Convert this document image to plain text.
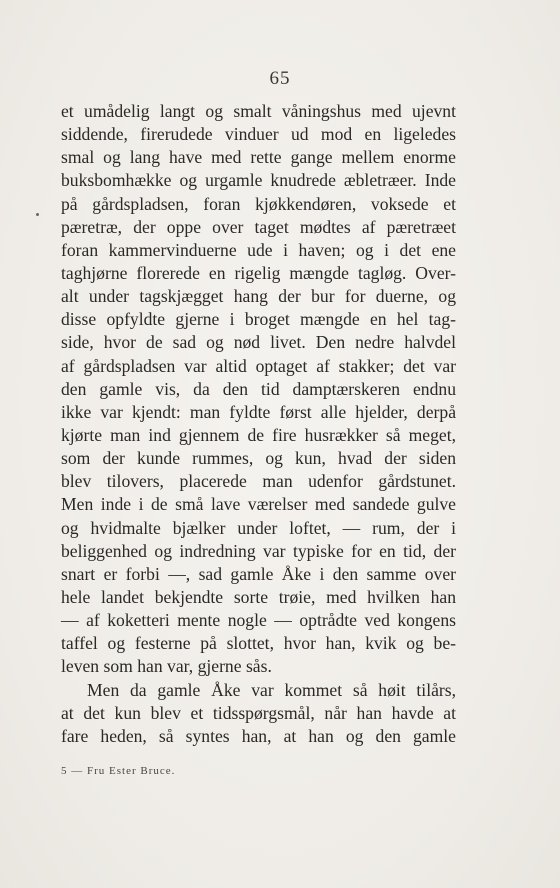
65
et umådelig langt og smalt våningshus med ujevnt
siddende, firerudede vinduer ud mod en ligeledes
smal og lang have med rette gange mellem enorme
buksbomhække og urgamle knudrede æbletræer. Inde
på gårdspladsen, foran kjøkkendøren, voksede et
pæretræ, der oppe over taget mødtes af pæretræet
foran kammervinduerne ude i haven; og i det ene
taghjørne florerede en rigelig mængde tagløg. Over-
alt under tagskjægget hang der bur for duerne, og
disse opfyldte gjerne i broget mængde en hel tag-
side, hvor de sad og nød livet. Den nedre halvdel
af gårdspladsen var altid optaget af stakker; det var
den gamle vis, da den tid damptærskeren endnu
ikke var kjendt: man fyldte først alle hjelder, derpå
kjørte man ind gjennem de fire husrækker så meget,
som der kunde rummes, og kun, hvad der siden
blev tilovers, placerede man udenfor gårdstunet.
Men inde i de små lave værelser med sandede gulve
og hvidmalte bjælker under loftet, — rum, der i
beliggenhed og indredning var typiske for en tid, der
snart er forbi —, sad gamle Åke i den samme over
hele landet bekjendte sorte trøie, med hvilken han
— af koketteri mente nogle — optrådte ved kongens
taffel og festerne på slottet, hvor han, kvik og be-
leven som han var, gjerne sås.
Men da gamle Åke var kommet så høit tilårs,
at det kun blev et tidsspørgsmål, når han havde at
fare heden, så syntes han, at han og den gamle
5 — Fru Ester Bruce.
